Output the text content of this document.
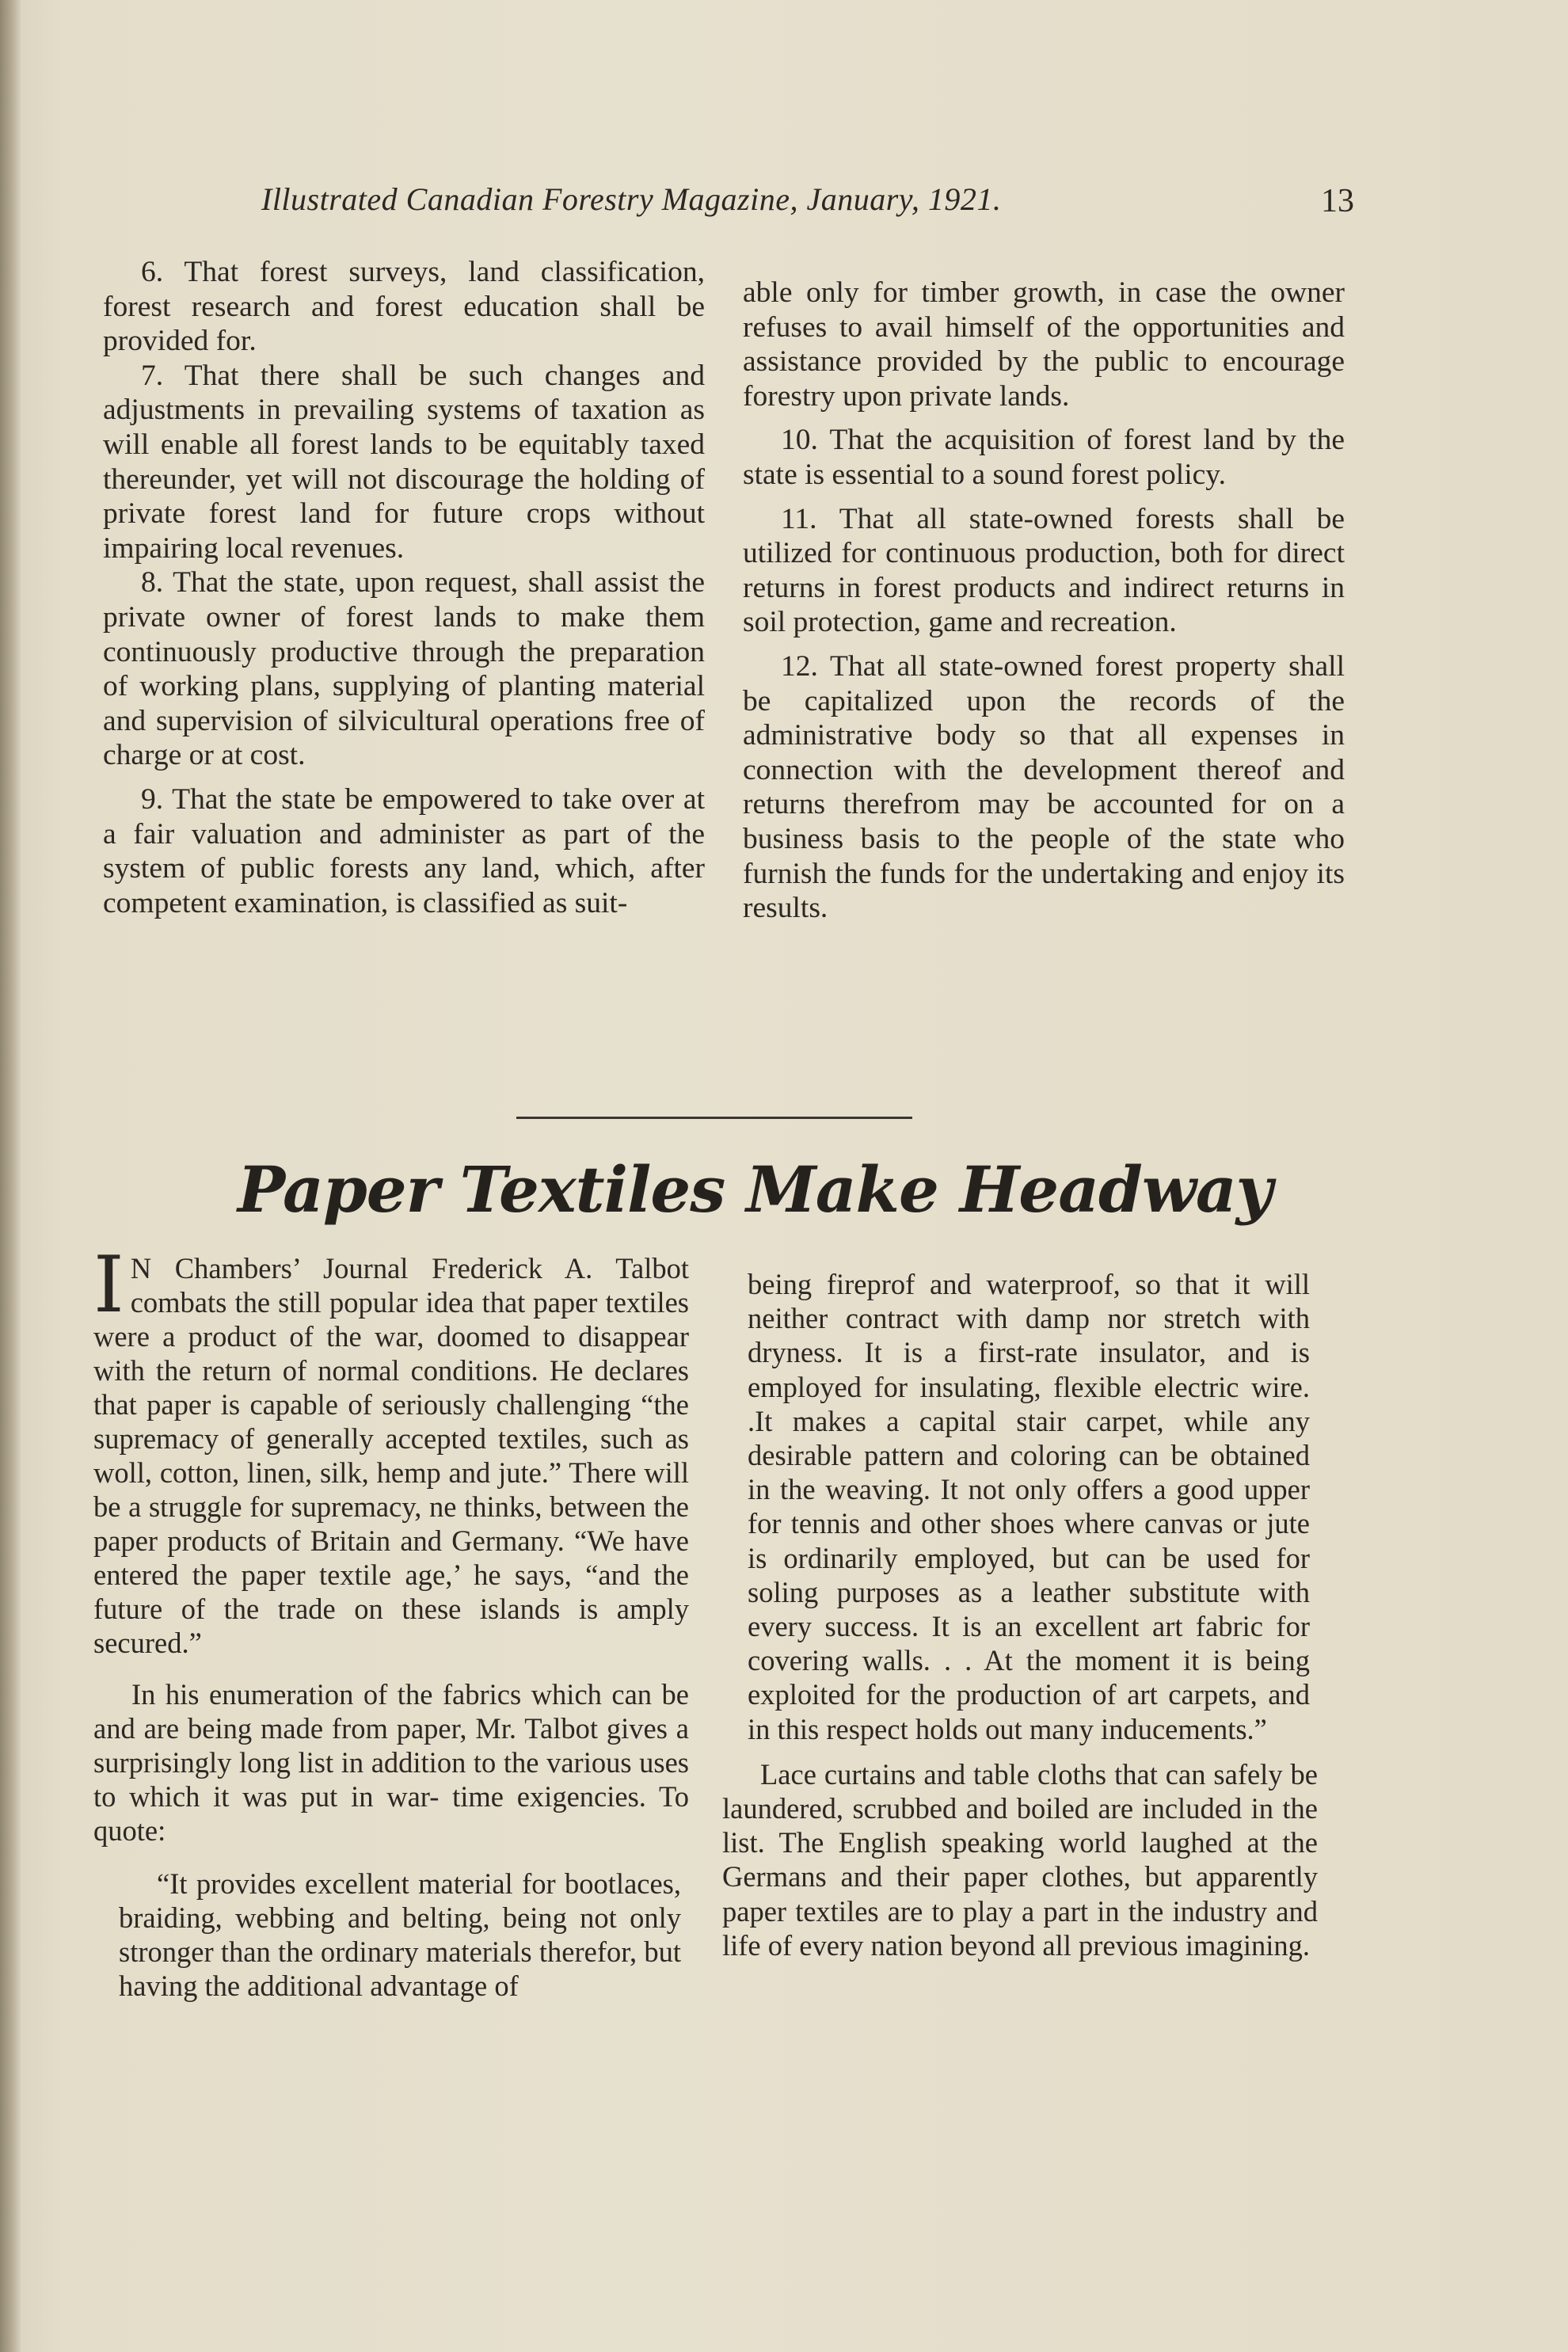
Illustrated Canadian Forestry Magazine, January, 1921.	13

6. That forest surveys, land classification, forest research and forest education shall be provided for.

7. That there shall be such changes and adjustments in prevailing systems of taxation as will enable all forest lands to be equitably taxed thereunder, yet will not discourage the holding of private forest land for future crops without impairing local revenues.

8. That the state, upon request, shall assist the private owner of forest lands to make them continuously productive through the preparation of working plans, supplying of planting material and supervision of silvicultural operations free of charge or at cost.

9. That the state be empowered to take over at a fair valuation and administer as part of the system of public forests any land, which, after competent examination, is classified as suit-

able only for timber growth, in case the owner refuses to avail himself of the opportunities and assistance provided by the public to encourage forestry upon private lands.

10. That the acquisition of forest land by the state is essential to a sound forest policy.

11. That all state-owned forests shall be utilized for continuous production, both for direct returns in forest products and indirect returns in soil protection, game and recreation.

12. That all state-owned forest property shall be capitalized upon the records of the administrative body so that all expenses in connection with the development thereof and returns therefrom may be accounted for on a business basis to the people of the state who furnish the funds for the undertaking and enjoy its results.

Paper Textiles Make Headway

I N Chambers’ Journal Frederick A. Talbot combats the still popular idea that paper textiles were a product of the war, doomed to disappear with the return of normal conditions. He declares that paper is capable of seriously challenging “the supremacy of generally accepted textiles, such as woll, cotton, linen, silk, hemp and jute.” There will be a struggle for supremacy, ne thinks, between the paper products of Britain and Germany. “We have entered the paper textile age,’ he says, “and the future of the trade on these islands is amply secured.”

In his enumeration of the fabrics which can be and are being made from paper, Mr. Talbot gives a surprisingly long list in addition to the various uses to which it was put in war- time exigencies. To quote:

“It provides excellent material for bootlaces, braiding, webbing and belting, being not only stronger than the ordinary materials therefor, but having the additional advantage of

being fireprof and waterproof, so that it will neither contract with damp nor stretch with dryness. It is a first-rate insulator, and is employed for insulating, flexible electric wire. .It makes a capital stair carpet, while any desirable pattern and coloring can be obtained in the weaving. It not only offers a good upper for tennis and other shoes where canvas or jute is ordinarily employed, but can be used for soling purposes as a leather substitute with every success. It is an excellent art fabric for covering walls. . . At the moment it is being exploited for the production of art carpets, and in this respect holds out many inducements.”

Lace curtains and table cloths that can safely be laundered, scrubbed and boiled are included in the list. The English speaking world laughed at the Germans and their paper clothes, but apparently paper textiles are to play a part in the industry and life of every nation beyond all previous imagining.
